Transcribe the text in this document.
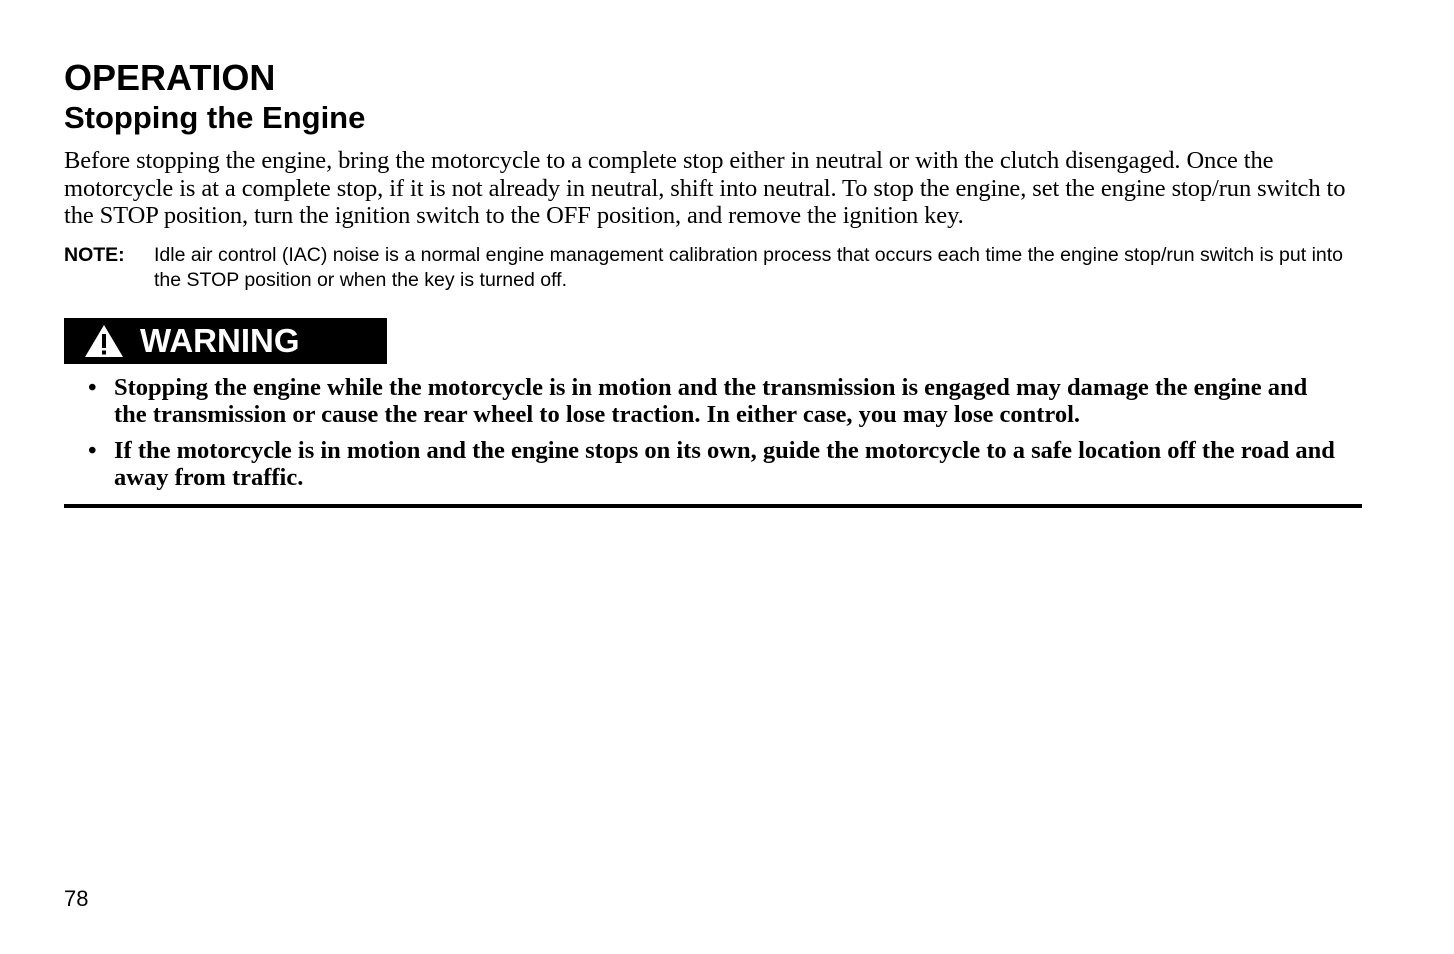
OPERATION
Stopping the Engine

Before stopping the engine, bring the motorcycle to a complete stop either in neutral or with the clutch disengaged. Once the motorcycle is at a complete stop, if it is not already in neutral, shift into neutral. To stop the engine, set the engine stop/run switch to the STOP position, turn the ignition switch to the OFF position, and remove the ignition key.

NOTE:	Idle air control (IAC) noise is a normal engine management calibration process that occurs each time the engine stop/run switch is put into the STOP position or when the key is turned off.
WARNING
• Stopping the engine while the motorcycle is in motion and the transmission is engaged may damage the engine and the transmission or cause the rear wheel to lose traction. In either case, you may lose control.
• If the motorcycle is in motion and the engine stops on its own, guide the motorcycle to a safe location off the road and away from traffic.
78
